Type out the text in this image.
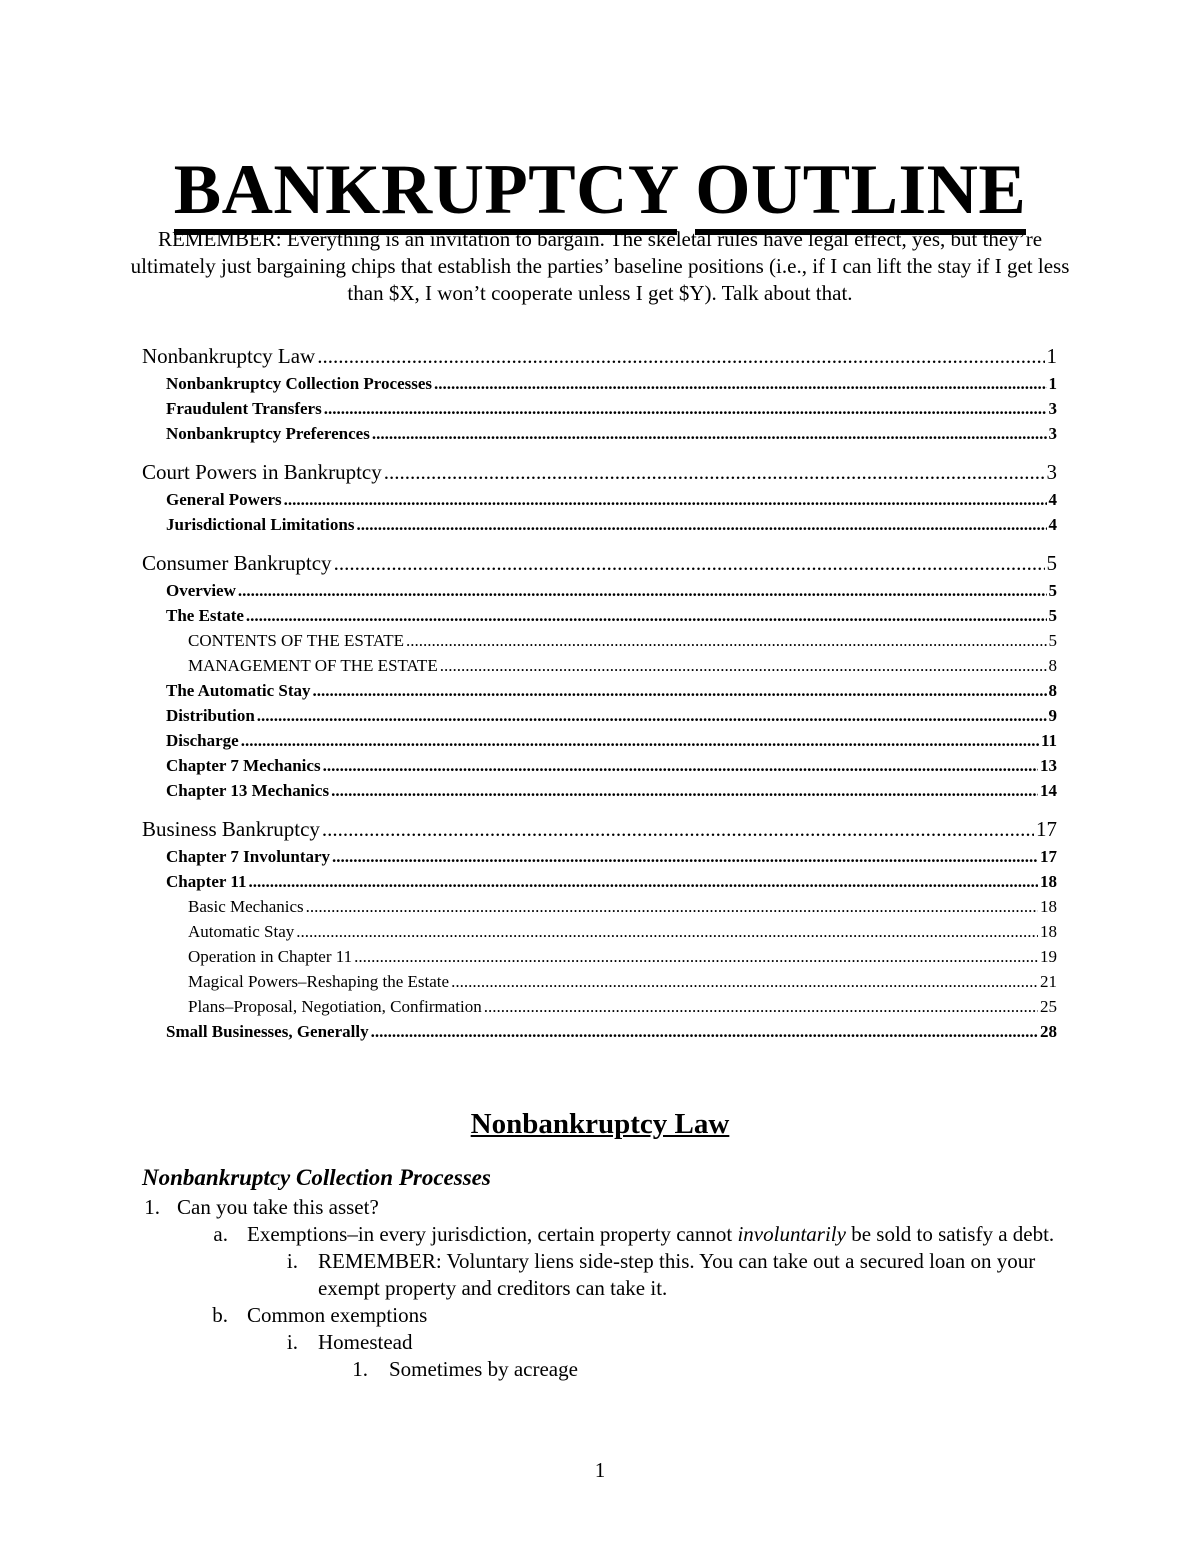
BANKRUPTCY OUTLINE
REMEMBER: Everything is an invitation to bargain. The skeletal rules have legal effect, yes, but they’re ultimately just bargaining chips that establish the parties’ baseline positions (i.e., if I can lift the stay if I get less than $X, I won’t cooperate unless I get $Y). Talk about that.
Nonbankruptcy Law .....	1
Nonbankruptcy Collection Processes .....	1
Fraudulent Transfers .....	3
Nonbankruptcy Preferences .....	3
Court Powers in Bankruptcy .....	3
General Powers .....	4
Jurisdictional Limitations .....	4
Consumer Bankruptcy .....	5
Overview .....	5
The Estate .....	5
CONTENTS OF THE ESTATE .....	5
MANAGEMENT OF THE ESTATE .....	8
The Automatic Stay .....	8
Distribution .....	9
Discharge .....	11
Chapter 7 Mechanics .....	13
Chapter 13 Mechanics .....	14
Business Bankruptcy .....	17
Chapter 7 Involuntary .....	17
Chapter 11 .....	18
Basic Mechanics .....	18
Automatic Stay .....	18
Operation in Chapter 11 .....	19
Magical Powers–Reshaping the Estate .....	21
Plans–Proposal, Negotiation, Confirmation .....	25
Small Businesses, Generally .....	28
Nonbankruptcy Law
Nonbankruptcy Collection Processes
1. Can you take this asset?
a. Exemptions–in every jurisdiction, certain property cannot involuntarily be sold to satisfy a debt.
i. REMEMBER: Voluntary liens side-step this. You can take out a secured loan on your exempt property and creditors can take it.
b. Common exemptions
i. Homestead
1. Sometimes by acreage
1
